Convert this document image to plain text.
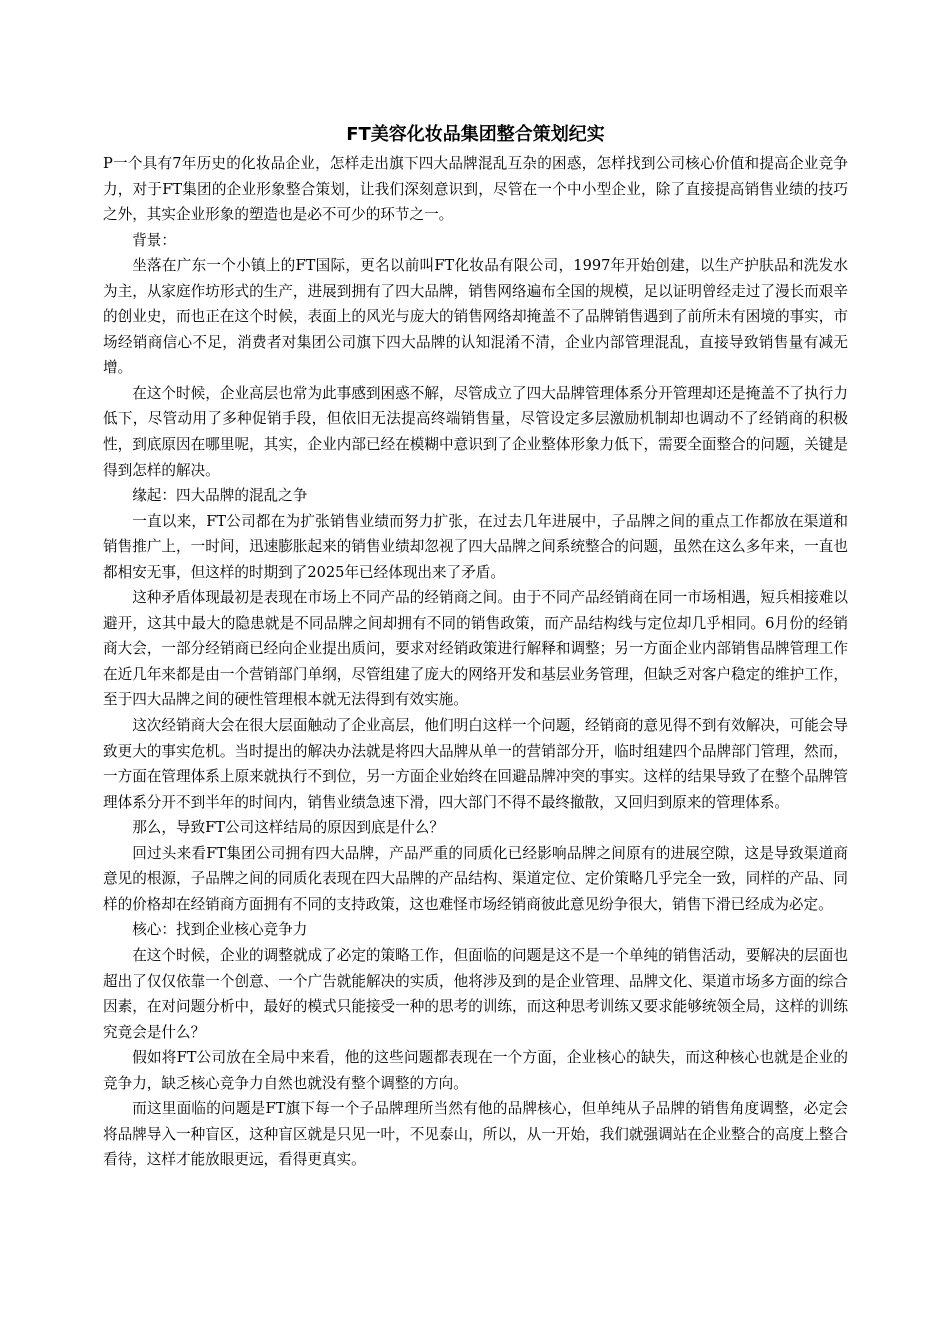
FT美容化妆品集团整合策划纪实

P一个具有7年历史的化妆品企业，怎样走出旗下四大品牌混乱互杂的困惑，怎样找到公司核心价值和提高企业竞争力，对于FT集团的企业形象整合策划，让我们深刻意识到，尽管在一个中小型企业，除了直接提高销售业绩的技巧之外，其实企业形象的塑造也是必不可少的环节之一。

背景：

坐落在广东一个小镇上的FT国际，更名以前叫FT化妆品有限公司，1997年开始创建，以生产护肤品和洗发水为主，从家庭作坊形式的生产，进展到拥有了四大品牌，销售网络遍布全国的规模，足以证明曾经走过了漫长而艰辛的创业史，而也正在这个时候，表面上的风光与庞大的销售网络却掩盖不了品牌销售遇到了前所未有困境的事实，市场经销商信心不足，消费者对集团公司旗下四大品牌的认知混淆不清，企业内部管理混乱，直接导致销售量有减无增。

在这个时候，企业高层也常为此事感到困惑不解，尽管成立了四大品牌管理体系分开管理却还是掩盖不了执行力低下，尽管动用了多种促销手段，但依旧无法提高终端销售量，尽管设定多层激励机制却也调动不了经销商的积极性，到底原因在哪里呢，其实，企业内部已经在模糊中意识到了企业整体形象力低下，需要全面整合的问题，关键是得到怎样的解决。

缘起：四大品牌的混乱之争

一直以来，FT公司都在为扩张销售业绩而努力扩张，在过去几年进展中，子品牌之间的重点工作都放在渠道和销售推广上，一时间，迅速膨胀起来的销售业绩却忽视了四大品牌之间系统整合的问题，虽然在这么多年来，一直也都相安无事，但这样的时期到了2025年已经体现出来了矛盾。

这种矛盾体现最初是表现在市场上不同产品的经销商之间。由于不同产品经销商在同一市场相遇，短兵相接难以避开，这其中最大的隐患就是不同品牌之间却拥有不同的销售政策，而产品结构线与定位却几乎相同。6月份的经销商大会，一部分经销商已经向企业提出质问，要求对经销政策进行解释和调整；另一方面企业内部销售品牌管理工作在近几年来都是由一个营销部门单纲，尽管组建了庞大的网络开发和基层业务管理，但缺乏对客户稳定的维护工作，至于四大品牌之间的硬性管理根本就无法得到有效实施。

这次经销商大会在很大层面触动了企业高层，他们明白这样一个问题，经销商的意见得不到有效解决，可能会导致更大的事实危机。当时提出的解决办法就是将四大品牌从单一的营销部分开，临时组建四个品牌部门管理，然而，一方面在管理体系上原来就执行不到位，另一方面企业始终在回避品牌冲突的事实。这样的结果导致了在整个品牌管理体系分开不到半年的时间内，销售业绩急速下滑，四大部门不得不最终撤散，又回归到原来的管理体系。

那么，导致FT公司这样结局的原因到底是什么？

回过头来看FT集团公司拥有四大品牌，产品严重的同质化已经影响品牌之间原有的进展空隙，这是导致渠道商意见的根源，子品牌之间的同质化表现在四大品牌的产品结构、渠道定位、定价策略几乎完全一致，同样的产品、同样的价格却在经销商方面拥有不同的支持政策，这也难怪市场经销商彼此意见纷争很大，销售下滑已经成为必定。

核心：找到企业核心竞争力

在这个时候，企业的调整就成了必定的策略工作，但面临的问题是这不是一个单纯的销售活动，要解决的层面也超出了仅仅依靠一个创意、一个广告就能解决的实质，他将涉及到的是企业管理、品牌文化、渠道市场多方面的综合因素，在对问题分析中，最好的模式只能接受一种的思考的训练，而这种思考训练又要求能够统领全局，这样的训练究竟会是什么？

假如将FT公司放在全局中来看，他的这些问题都表现在一个方面，企业核心的缺失，而这种核心也就是企业的竞争力，缺乏核心竞争力自然也就没有整个调整的方向。

而这里面临的问题是FT旗下每一个子品牌理所当然有他的品牌核心，但单纯从子品牌的销售角度调整，必定会将品牌导入一种盲区，这种盲区就是只见一叶，不见泰山，所以，从一开始，我们就强调站在企业整合的高度上整合看待，这样才能放眼更远，看得更真实。
